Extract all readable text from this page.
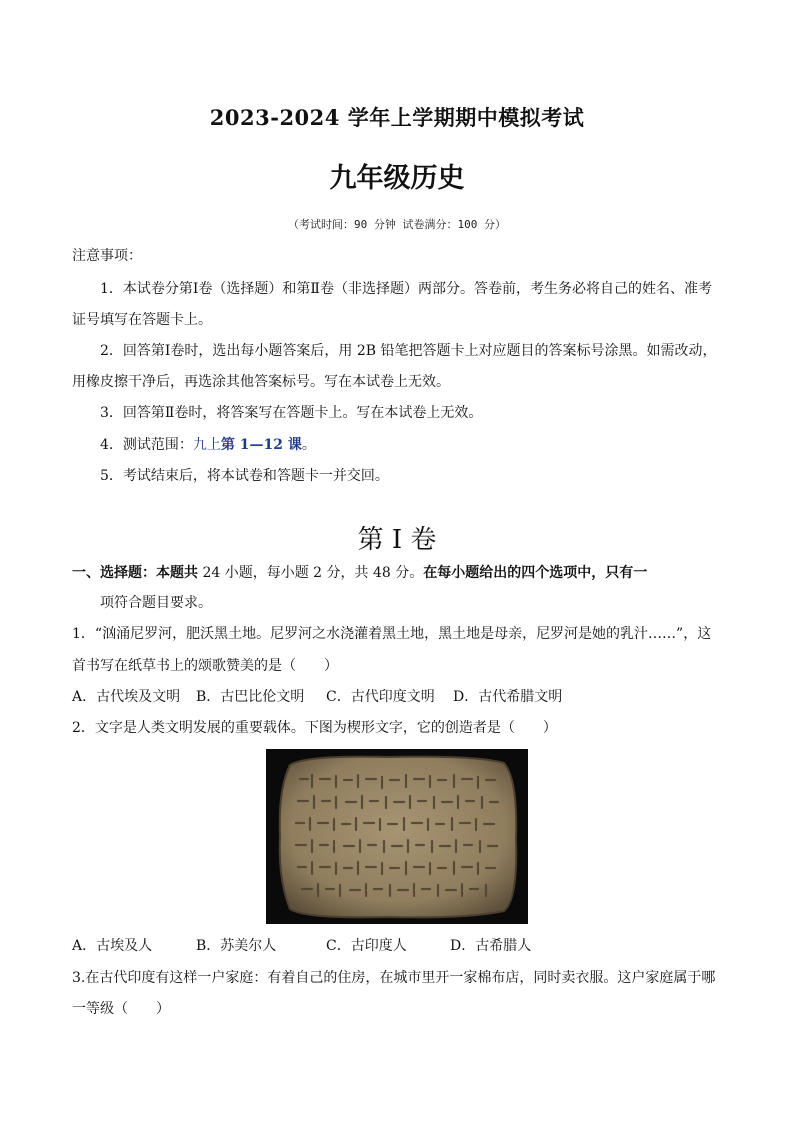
2023-2024 学年上学期期中模拟考试
九年级历史
（考试时间：90 分钟 试卷满分：100 分）
注意事项：
1．本试卷分第Ⅰ卷（选择题）和第Ⅱ卷（非选择题）两部分。答卷前，考生务必将自己的姓名、准考
证号填写在答题卡上。
2．回答第Ⅰ卷时，选出每小题答案后，用 2B 铅笔把答题卡上对应题目的答案标号涂黑。如需改动，
用橡皮擦干净后，再选涂其他答案标号。写在本试卷上无效。
3．回答第Ⅱ卷时，将答案写在答题卡上。写在本试卷上无效。
4．测试范围：九上第 1—12 课。
5．考试结束后，将本试卷和答题卡一并交回。
第 I 卷
一、选择题：本题共 24 小题，每小题 2 分，共 48 分。在每小题给出的四个选项中，只有一
项符合题目要求。
1．“汹涌尼罗河，肥沃黑土地。尼罗河之水浇灌着黑土地，黑土地是母亲，尼罗河是她的乳汁……”，这
首书写在纸草书上的颂歌赞美的是（　　）
A．古代埃及文明 B．古巴比伦文明 C．古代印度文明 D．古代希腊文明
2．文字是人类文明发展的重要载体。下图为楔形文字，它的创造者是（　　）
A．古埃及人	B．苏美尔人	C．古印度人	D．古希腊人
3.在古代印度有这样一户家庭：有着自己的住房，在城市里开一家棉布店，同时卖衣服。这户家庭属于哪
一等级（　　）
